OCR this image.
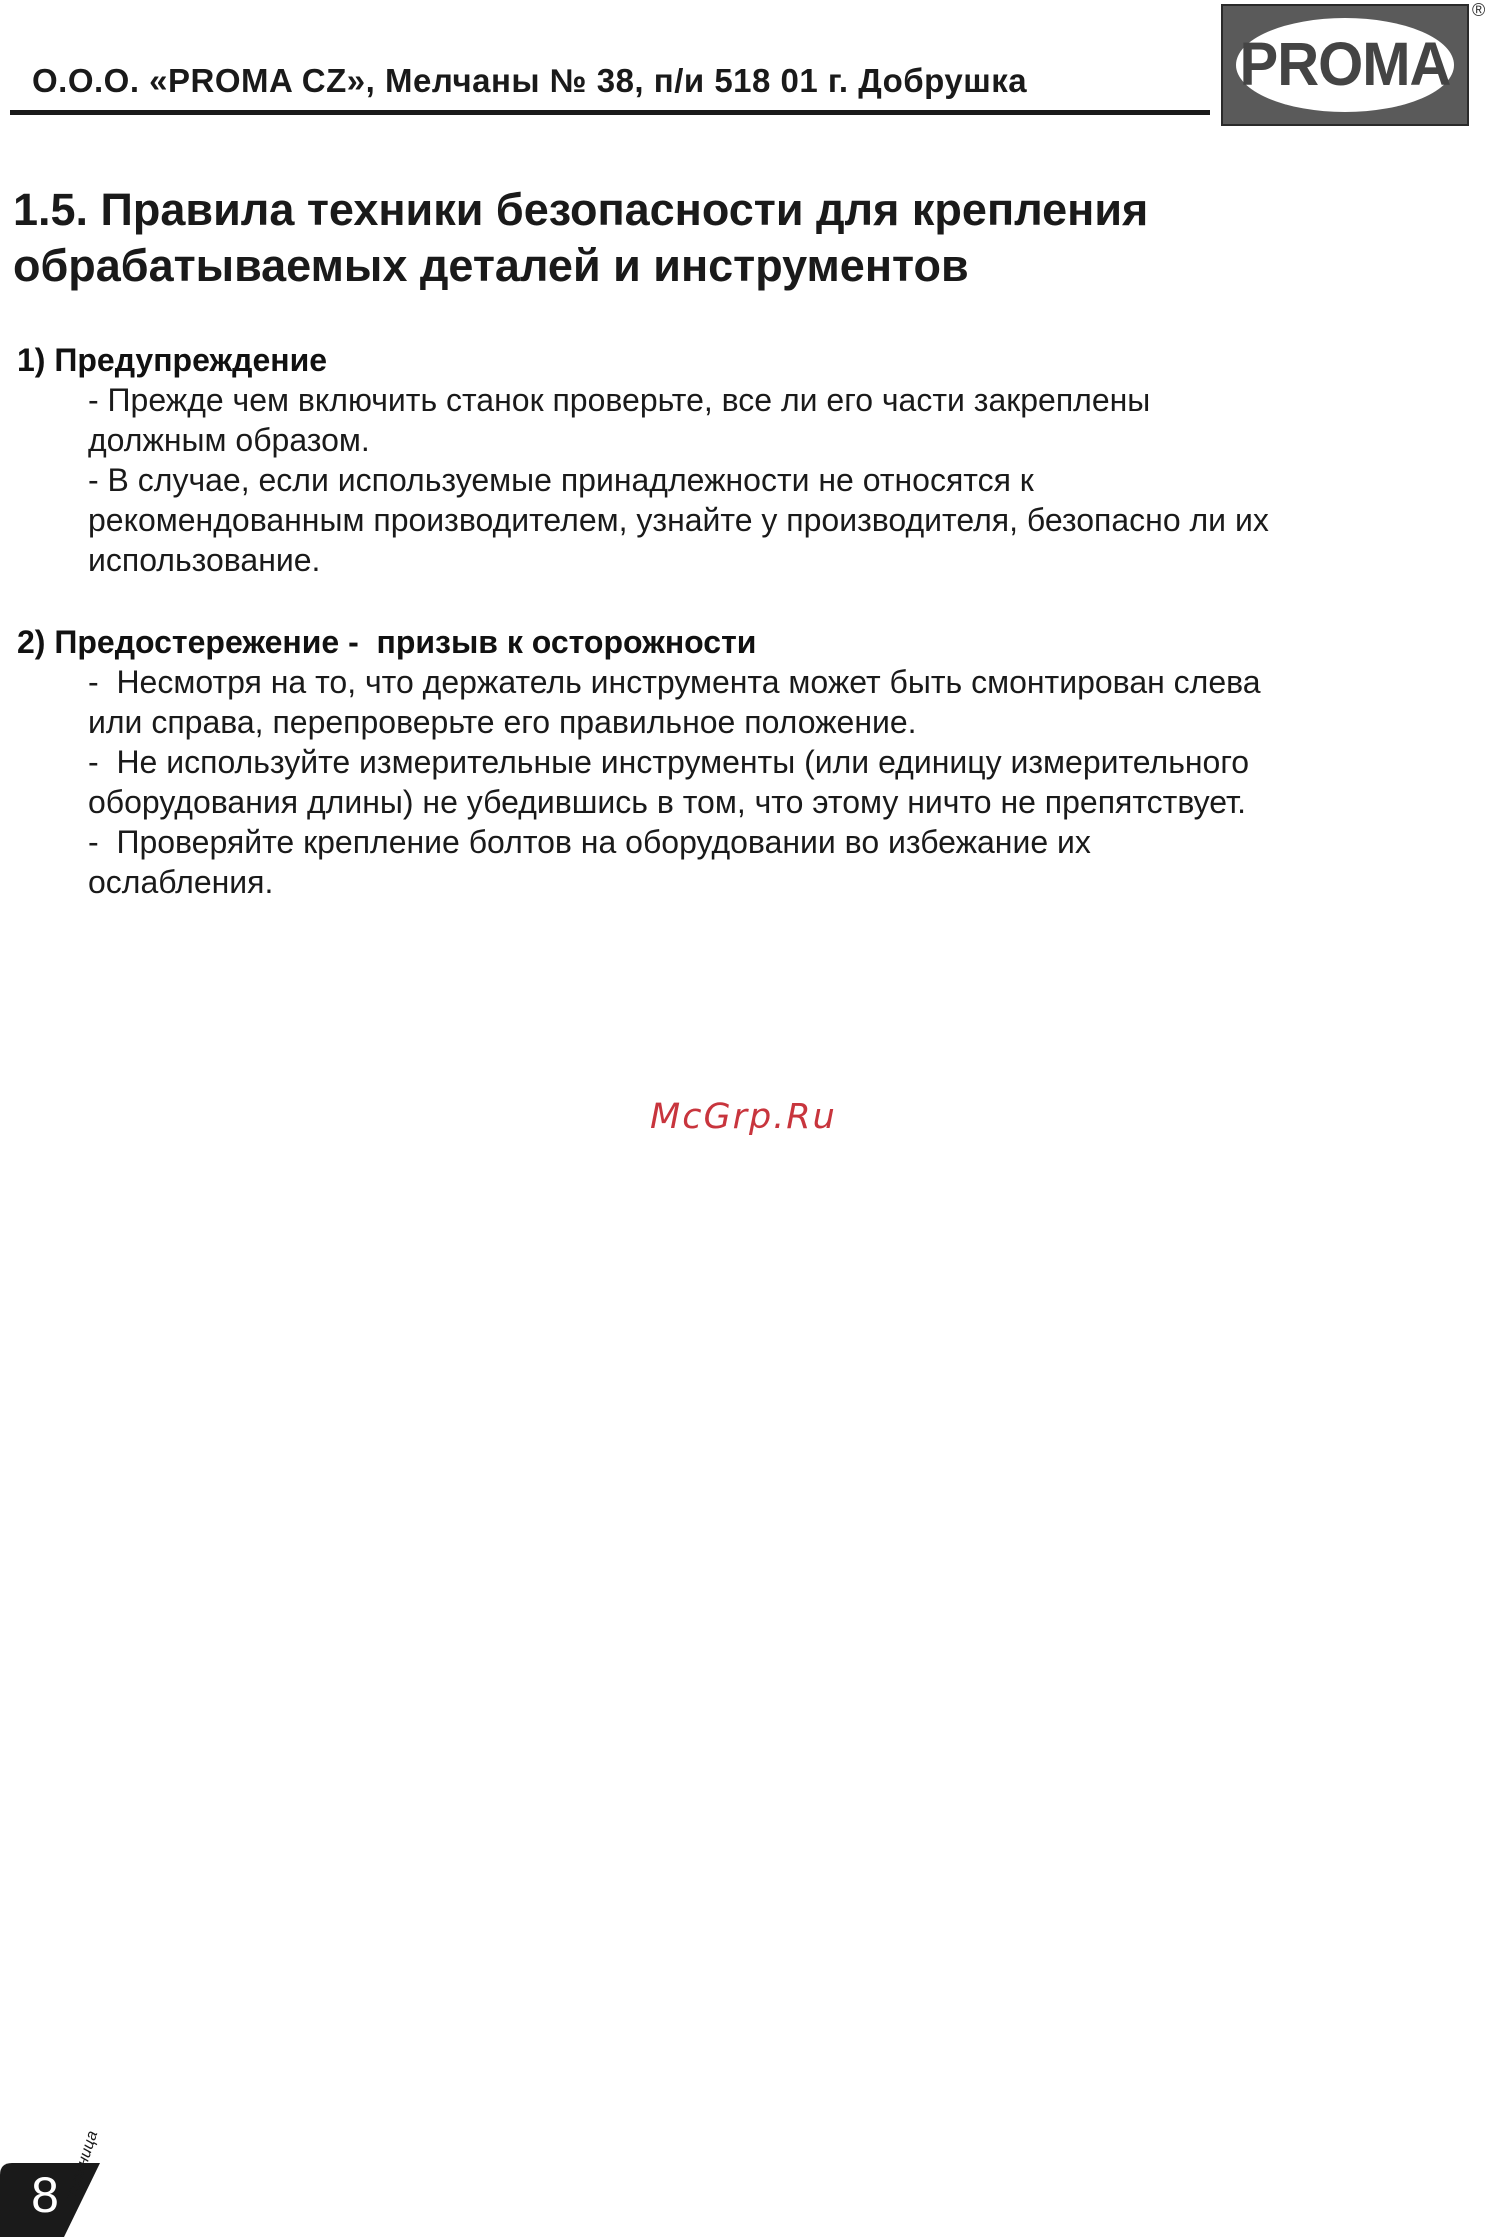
О.О.О. «PROMA CZ», Мелчаны № 38, п/и 518 01 г. Добрушка	PROMA
®
1.5. Правила техники безопасности для крепления
обрабатываемых деталей и инструментов
1) Предупреждение

- Прежде чем включить станок проверьте, все ли его части закреплены

должным образом.

- В случае, если используемые принадлежности не относятся к

рекомендованным производителем, узнайте у производителя, безопасно ли их

использование.

2) Предостережение -  призыв к осторожности

-  Несмотря на то, что держатель инструмента может быть смонтирован слева

или справа, перепроверьте его правильное положение.

-  Не используйте измерительные инструменты (или единицу измерительного

оборудования длины) не убедившись в том, что этому ничто не препятствует.

-  Проверяйте крепление болтов на оборудовании во избежание их

ослабления.

McGrp.Ru
8 страница
